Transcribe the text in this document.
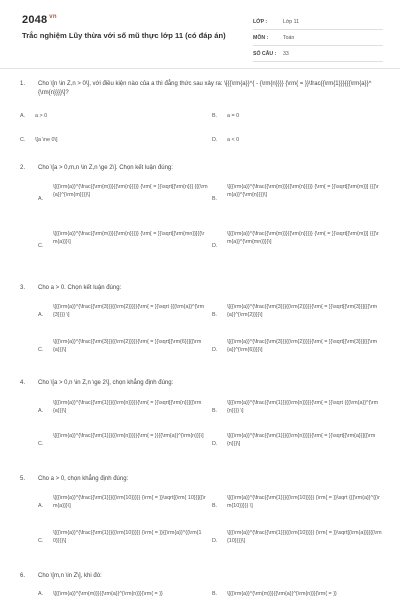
2048 $^{vn}$
Trắc nghiệm Lũy thừa với số mũ thực lớp 11 (có đáp án)
LỚP :	Lớp 11
MÔN :	Toán
SỐ CÂU :	33
1.	Cho \[n \in Z,n > 0\], với điều kiện nào của a thì đẳng thức sau xảy ra: \[{{\rm{a}}^{ - {\rm{n}}}} {\rm{ = }}\frac{{\rm{1}}}{{{\rm{a}}^{\rm{n}}}}\]?
A.	a > 0	B.	a = 0
C.	\[a \ne 0\]	D.	a < 0
2.	Cho \[a > 0,m,n \in Z,n \ge 2\]. Chọn kết luận đúng:
A.
\[{{\rm{a}}^{\frac{{\rm{m}}}{{\rm{n}}}}} {\rm{ = }}\sqrt[{\rm{n}}] {{{\rm{a}}^{\rm{m}}}}\]
B.
\[{{\rm{a}}^{\frac{{\rm{m}}}{{\rm{n}}}}} {\rm{ = }}\sqrt[{\rm{m}}] {{{\rm{a}}^{\rm{n}}}}\]
C.
\[{{\rm{a}}^{\frac{{\rm{m}}}{{\rm{n}}}}} {\rm{ = }}\sqrt[{\rm{mn}}]{{\rm{a}}}\]
D.
\[{{\rm{a}}^{\frac{{\rm{m}}}{{\rm{n}}}}} {\rm{ = }}\sqrt[{\rm{m}}] {{{\rm{a}}^{\rm{mn}}}}\]
3.	Cho a > 0. Chọn kết luận đúng:
A.
\[{{\rm{a}}^{\frac{{\rm{3}}}{{\rm{2}}}}}{\rm{ = }}\sqrt {{{\rm{a}}^{\rm{3}}}} \]	B.
\[{{\rm{a}}^{\frac{{\rm{3}}}{{\rm{2}}}}}{\rm{ = }}\sqrt[{\rm{3}}]{{{\rm{a}}^{\rm{2}}}}\]
C.
\[{{\rm{a}}^{\frac{{\rm{3}}}{{\rm{2}}}}}{\rm{ = }}\sqrt[{\rm{6}}]{{\rm{a}}}\]	D.
\[{{\rm{a}}^{\frac{{\rm{3}}}{{\rm{2}}}}}{\rm{ = }}\sqrt[{\rm{3}}]{{{\rm{a}}^{\rm{6}}}}\]
4.	Cho \[a > 0,n \in Z,n \ge 2\], chọn khẳng định đúng:
A.
\[{{\rm{a}}^{\frac{{\rm{1}}}{{\rm{n}}}}}{\rm{ = }}\sqrt[{\rm{n}}]{{\rm{a}}}\]	B.
\[{{\rm{a}}^{\frac{{\rm{1}}}{{\rm{n}}}}}{\rm{ = }}\sqrt {{{\rm{a}}^{\rm{n}}}} \]
C.
\[{{\rm{a}}^{\frac{{\rm{1}}}{{\rm{n}}}}}{\rm{ = }}{{\rm{a}}^{\rm{n}}}\]
D.
\[{{\rm{a}}^{\frac{{\rm{1}}}{{\rm{n}}}}}{\rm{ = }}\sqrt[{\rm{a}}]{{\rm{n}}}\]
5.	Cho a > 0, chọn khẳng định đúng:
A.
\[{{\rm{a}}^{\frac{{\rm{1}}}{{\rm{10}}}}} {\rm{ = }}\sqrt[{\rm{ 10}}]{{\rm{a}}}\]	B.
\[{{\rm{a}}^{\frac{{\rm{1}}}{{\rm{10}}}}} {\rm{ = }}\sqrt {{{\rm{a}}^{{\rm{10}}}}} \]
C.
\[{{\rm{a}}^{\frac{{\rm{1}}}{{\rm{10}}}}} {\rm{ = }}{{\rm{a}}^{{\rm{10}}}}\]	D.
\[{{\rm{a}}^{\frac{{\rm{1}}}{{\rm{10}}}}} {\rm{ = }}\sqrt[{\rm{a}}]{{{\rm{10}}}}\]
6.	Cho \[m,n \in Z\], khi đó:
A.	\[{{\rm{a}}^{\rm{m}}}{{\rm{a}}^{\rm{n}}}{\rm{ = }}	B.	\[{{\rm{a}}^{\rm{m}}}{{\rm{a}}^{\rm{n}}}{\rm{ = }}
